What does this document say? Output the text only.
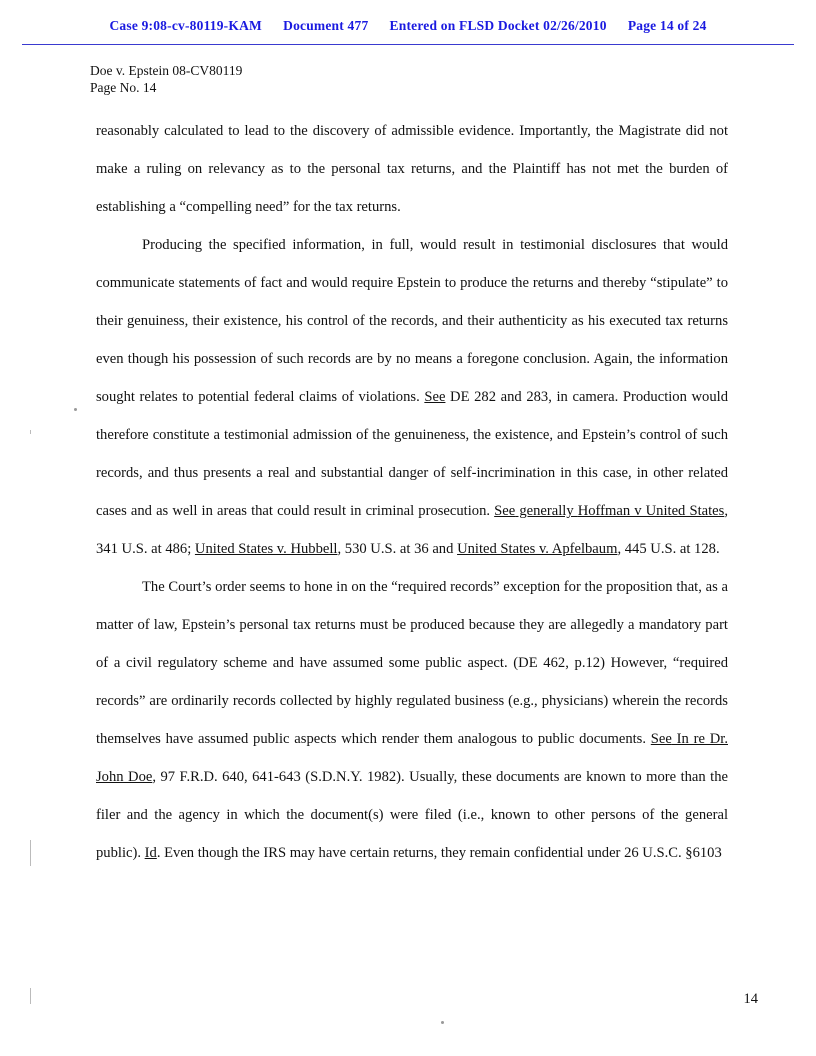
Case 9:08-cv-80119-KAM Document 477 Entered on FLSD Docket 02/26/2010 Page 14 of 24
Doe v. Epstein 08-CV80119
Page No. 14

reasonably calculated to lead to the discovery of admissible evidence. Importantly, the Magistrate did not make a ruling on relevancy as to the personal tax returns, and the Plaintiff has not met the burden of establishing a “compelling need” for the tax returns.

Producing the specified information, in full, would result in testimonial disclosures that would communicate statements of fact and would require Epstein to produce the returns and thereby “stipulate” to their genuiness, their existence, his control of the records, and their authenticity as his executed tax returns even though his possession of such records are by no means a foregone conclusion. Again, the information sought relates to potential federal claims of violations. See DE 282 and 283, in camera. Production would therefore constitute a testimonial admission of the genuineness, the existence, and Epstein’s control of such records, and thus presents a real and substantial danger of self-incrimination in this case, in other related cases and as well in areas that could result in criminal prosecution. See generally Hoffman v United States, 341 U.S. at 486; United States v. Hubbell, 530 U.S. at 36 and United States v. Apfelbaum, 445 U.S. at 128.

The Court’s order seems to hone in on the “required records” exception for the proposition that, as a matter of law, Epstein’s personal tax returns must be produced because they are allegedly a mandatory part of a civil regulatory scheme and have assumed some public aspect. (DE 462, p.12) However, “required records” are ordinarily records collected by highly regulated business (e.g., physicians) wherein the records themselves have assumed public aspects which render them analogous to public documents. See In re Dr. John Doe, 97 F.R.D. 640, 641-643 (S.D.N.Y. 1982). Usually, these documents are known to more than the filer and the agency in which the document(s) were filed (i.e., known to other persons of the general public). Id. Even though the IRS may have certain returns, they remain confidential under 26 U.S.C. §6103

14
